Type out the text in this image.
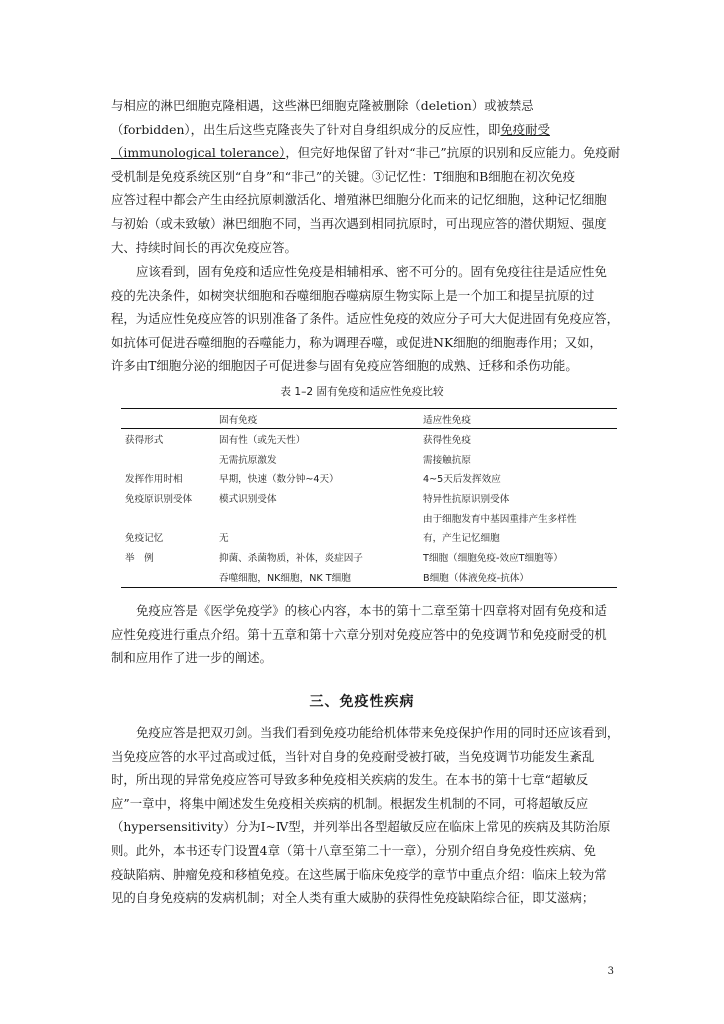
与相应的淋巴细胞克隆相遇，这些淋巴细胞克隆被删除（deletion）或被禁忌
（forbidden），出生后这些克隆丧失了针对自身组织成分的反应性，即免疫耐受
（immunological tolerance），但完好地保留了针对“非己”抗原的识别和反应能力。免疫耐
受机制是免疫系统区别“自身”和“非己”的关键。③记忆性：T细胞和B细胞在初次免疫
应答过程中都会产生由经抗原刺激活化、增殖淋巴细胞分化而来的记忆细胞，这种记忆细胞
与初始（或未致敏）淋巴细胞不同，当再次遇到相同抗原时，可出现应答的潜伏期短、强度
大、持续时间长的再次免疫应答。
应该看到，固有免疫和适应性免疫是相辅相承、密不可分的。固有免疫往往是适应性免
疫的先决条件，如树突状细胞和吞噬细胞吞噬病原生物实际上是一个加工和提呈抗原的过
程，为适应性免疫应答的识别准备了条件。适应性免疫的效应分子可大大促进固有免疫应答，
如抗体可促进吞噬细胞的吞噬能力，称为调理吞噬，或促进NK细胞的细胞毒作用；又如，
许多由T细胞分泌的细胞因子可促进参与固有免疫应答细胞的成熟、迁移和杀伤功能。
表 1–2 固有免疫和适应性免疫比较
	固有免疫	适应性免疫
获得形式	固有性（或先天性）	获得性免疫
	无需抗原激发	需接触抗原
发挥作用时相	早期，快速（数分钟~4天）	4~5天后发挥效应
免疫原识别受体	模式识别受体	特异性抗原识别受体
		由于细胞发育中基因重排产生多样性
免疫记忆	无	有，产生记忆细胞
举　例	抑菌、杀菌物质，补体，炎症因子	T细胞（细胞免疫-效应T细胞等）
	吞噬细胞，NK细胞，NK T细胞	B细胞（体液免疫-抗体）
免疫应答是《医学免疫学》的核心内容，本书的第十二章至第十四章将对固有免疫和适
应性免疫进行重点介绍。第十五章和第十六章分别对免疫应答中的免疫调节和免疫耐受的机
制和应用作了进一步的阐述。
三、免疫性疾病
免疫应答是把双刃剑。当我们看到免疫功能给机体带来免疫保护作用的同时还应该看到，
当免疫应答的水平过高或过低，当针对自身的免疫耐受被打破，当免疫调节功能发生紊乱
时，所出现的异常免疫应答可导致多种免疫相关疾病的发生。在本书的第十七章“超敏反
应”一章中，将集中阐述发生免疫相关疾病的机制。根据发生机制的不同，可将超敏反应
（hypersensitivity）分为Ⅰ~Ⅳ型，并列举出各型超敏反应在临床上常见的疾病及其防治原
则。此外，本书还专门设置4章（第十八章至第二十一章），分别介绍自身免疫性疾病、免
疫缺陷病、肿瘤免疫和移植免疫。在这些属于临床免疫学的章节中重点介绍：临床上较为常
见的自身免疫病的发病机制；对全人类有重大威胁的获得性免疫缺陷综合征，即艾滋病；
3
